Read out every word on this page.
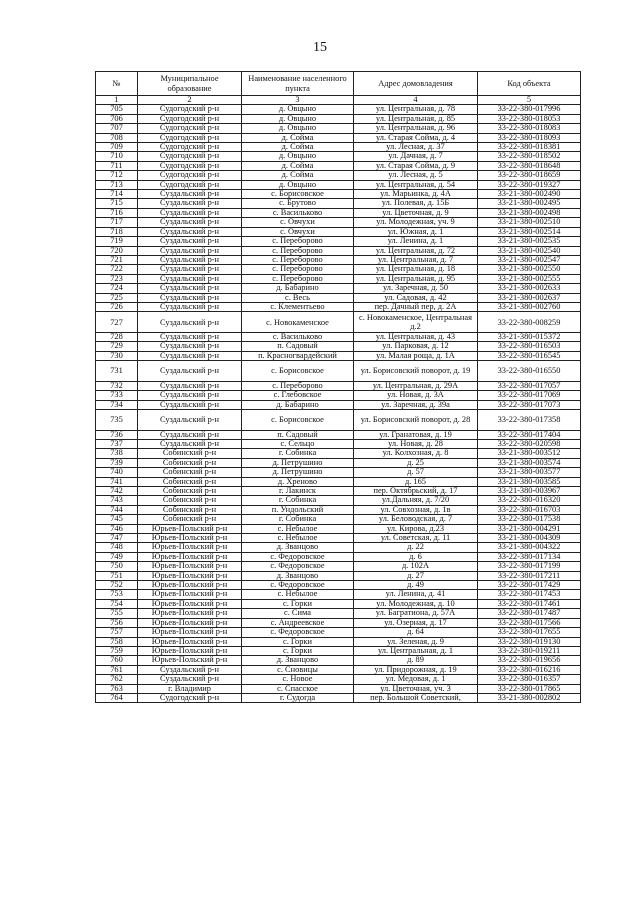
15
№	Муниципальное образование	Наименование населенного пункта	Адрес домовладения	Код объекта
1	2	3	4	5
705	Судогодский р-н	д. Овцыно	ул. Центральная, д. 78	33-22-380-017996
706	Судогодский р-н	д. Овцыно	ул. Центральная, д. 85	33-22-380-018053
707	Судогодский р-н	д. Овцыно	ул. Центральная, д. 96	33-22-380-018083
708	Судогодский р-н	д. Сойма	ул. Старая Сойма, д. 4	33-22-380-018093
709	Судогодский р-н	д. Сойма	ул. Лесная, д. 37	33-22-380-018381
710	Судогодский р-н	д. Овцыно	ул. Дачная, д. 7	33-22-380-018502
711	Судогодский р-н	д. Сойма	ул. Старая Сойма, д. 9	33-22-380-018648
712	Судогодский р-н	д. Сойма	ул. Лесная, д. 5	33-22-380-018659
713	Судогодский р-н	д. Овцыно	ул. Центральная, д. 54	33-22-380-019327
714	Суздальский р-н	с. Борисовское	ул. Марьинка, д. 4А	33-21-380-002490
715	Суздальский р-н	с. Брутово	ул. Полевая, д. 15Б	33-21-380-002495
716	Суздальский р-н	с. Васильково	ул. Цветочная, д. 9	33-21-380-002498
717	Суздальский р-н	с. Овчухи	ул. Молодежная, уч. 9	33-21-380-002510
718	Суздальский р-н	с. Овчухи	ул. Южная, д. 1	33-21-380-002514
719	Суздальский р-н	с. Переборово	ул. Ленина, д. 1	33-21-380-002535
720	Суздальский р-н	с. Переборово	ул. Центральная, д. 72	33-21-380-002540
721	Суздальский р-н	с. Переборово	ул. Центральная, д. 7	33-21-380-002547
722	Суздальский р-н	с. Переборово	ул. Центральная, д. 18	33-21-380-002550
723	Суздальский р-н	с. Переборово	ул. Центральная, д. 95	33-21-380-002555
724	Суздальский р-н	д. Бабарино	ул. Заречная, д. 50	33-21-380-002633
725	Суздальский р-н	с. Весь	ул. Садовая, д. 42	33-21-380-002637
726	Суздальский р-н	с. Клементьево	пер. Дачный пер, д. 2А	33-21-380-002760
727	Суздальский р-н	с. Новокаменское	с. Новокаменское, Центральная д.2	33-22-380-008259
728	Суздальский р-н	с. Васильково	ул. Центральная, д. 43	33-21-380-015372
729	Суздальский р-н	п. Садовый	ул. Парковая, д. 12	33-22-380-016503
730	Суздальский р-н	п. Красногвардейский	ул. Малая роща, д. 1А	33-22-380-016545
731	Суздальский р-н	с. Борисовское	ул. Борисовский поворот, д. 19	33-22-380-016550
732	Суздальский р-н	с. Переборово	ул. Центральная, д. 29А	33-22-380-017057
733	Суздальский р-н	с. Глебовское	ул. Новая, д. 3А	33-22-380-017069
734	Суздальский р-н	д. Бабарино	ул. Заречная, д. 39а	33-22-380-017073
735	Суздальский р-н	с. Борисовское	ул. Борисовский поворот, д. 28	33-22-380-017358
736	Суздальский р-н	п. Садовый	ул. Гранатовая, д. 19	33-22-380-017404
737	Суздальский р-н	с. Сельцо	ул. Новая, д. 28	33-22-380-020598
738	Собинский р-н	г. Собинка	ул. Колхозная, д. 8	33-21-380-003512
739	Собинский р-н	д. Петрушино	д. 25	33-21-380-003574
740	Собинский р-н	д. Петрушино	д. 57	33-21-380-003577
741	Собинский р-н	д. Хреново	д. 165	33-21-380-003585
742	Собинский р-н	г. Лакинск	пер. Октябрьский, д. 17	33-21-380-003967
743	Собинский р-н	г. Собинка	ул.Дальняя, д. 7/20	33-22-380-016320
744	Собинский р-н	п. Ундольский	ул. Совхозная, д. 1в	33-22-380-016703
745	Собинский р-н	г. Собинка	ул. Беловодская, д. 7	33-22-380-017538
746	Юрьев-Польский р-н	с. Небылое	ул. Кирова, д.23	33-21-380-004291
747	Юрьев-Польский р-н	с. Небылое	ул. Советская, д. 11	33-21-380-004309
748	Юрьев-Польский р-н	д. Званцово	д. 22	33-21-380-004322
749	Юрьев-Польский р-н	с. Федоровское	д. 6	33-22-380-017134
750	Юрьев-Польский р-н	с. Федоровское	д. 102А	33-22-380-017199
751	Юрьев-Польский р-н	д. Званцово	д. 27	33-22-380-017211
752	Юрьев-Польский р-н	с. Федоровское	д. 49	33-22-380-017429
753	Юрьев-Польский р-н	с. Небылое	ул. Ленина, д. 41	33-22-380-017453
754	Юрьев-Польский р-н	с. Горки	ул. Молодежная, д. 10	33-22-380-017461
755	Юрьев-Польский р-н	с. Сима	ул. Багратиона, д. 57А	33-22-380-017487
756	Юрьев-Польский р-н	с. Андреевское	ул. Озерная, д. 17	33-22-380-017566
757	Юрьев-Польский р-н	с. Федоровское	д. 64	33-22-380-017655
758	Юрьев-Польский р-н	с. Горки	ул. Зеленая, д. 9	33-22-380-019130
759	Юрьев-Польский р-н	с. Горки	ул. Центральная, д. 1	33-22-380-019211
760	Юрьев-Польский р-н	д. Званцово	д. 89	33-22-380-019656
761	Суздальский р-н	с. Сновицы	ул. Придорожная, д. 19	33-22-380-016216
762	Суздальский р-н	с. Новое	ул. Медовая, д. 1	33-22-380-016357
763	г. Владимир	с. Спасское	ул. Цветочная, уч. 3	33-22-380-017865
764	Судогодский р-н	г. Судогда	пер. Большой Советский,	33-21-380-002802
